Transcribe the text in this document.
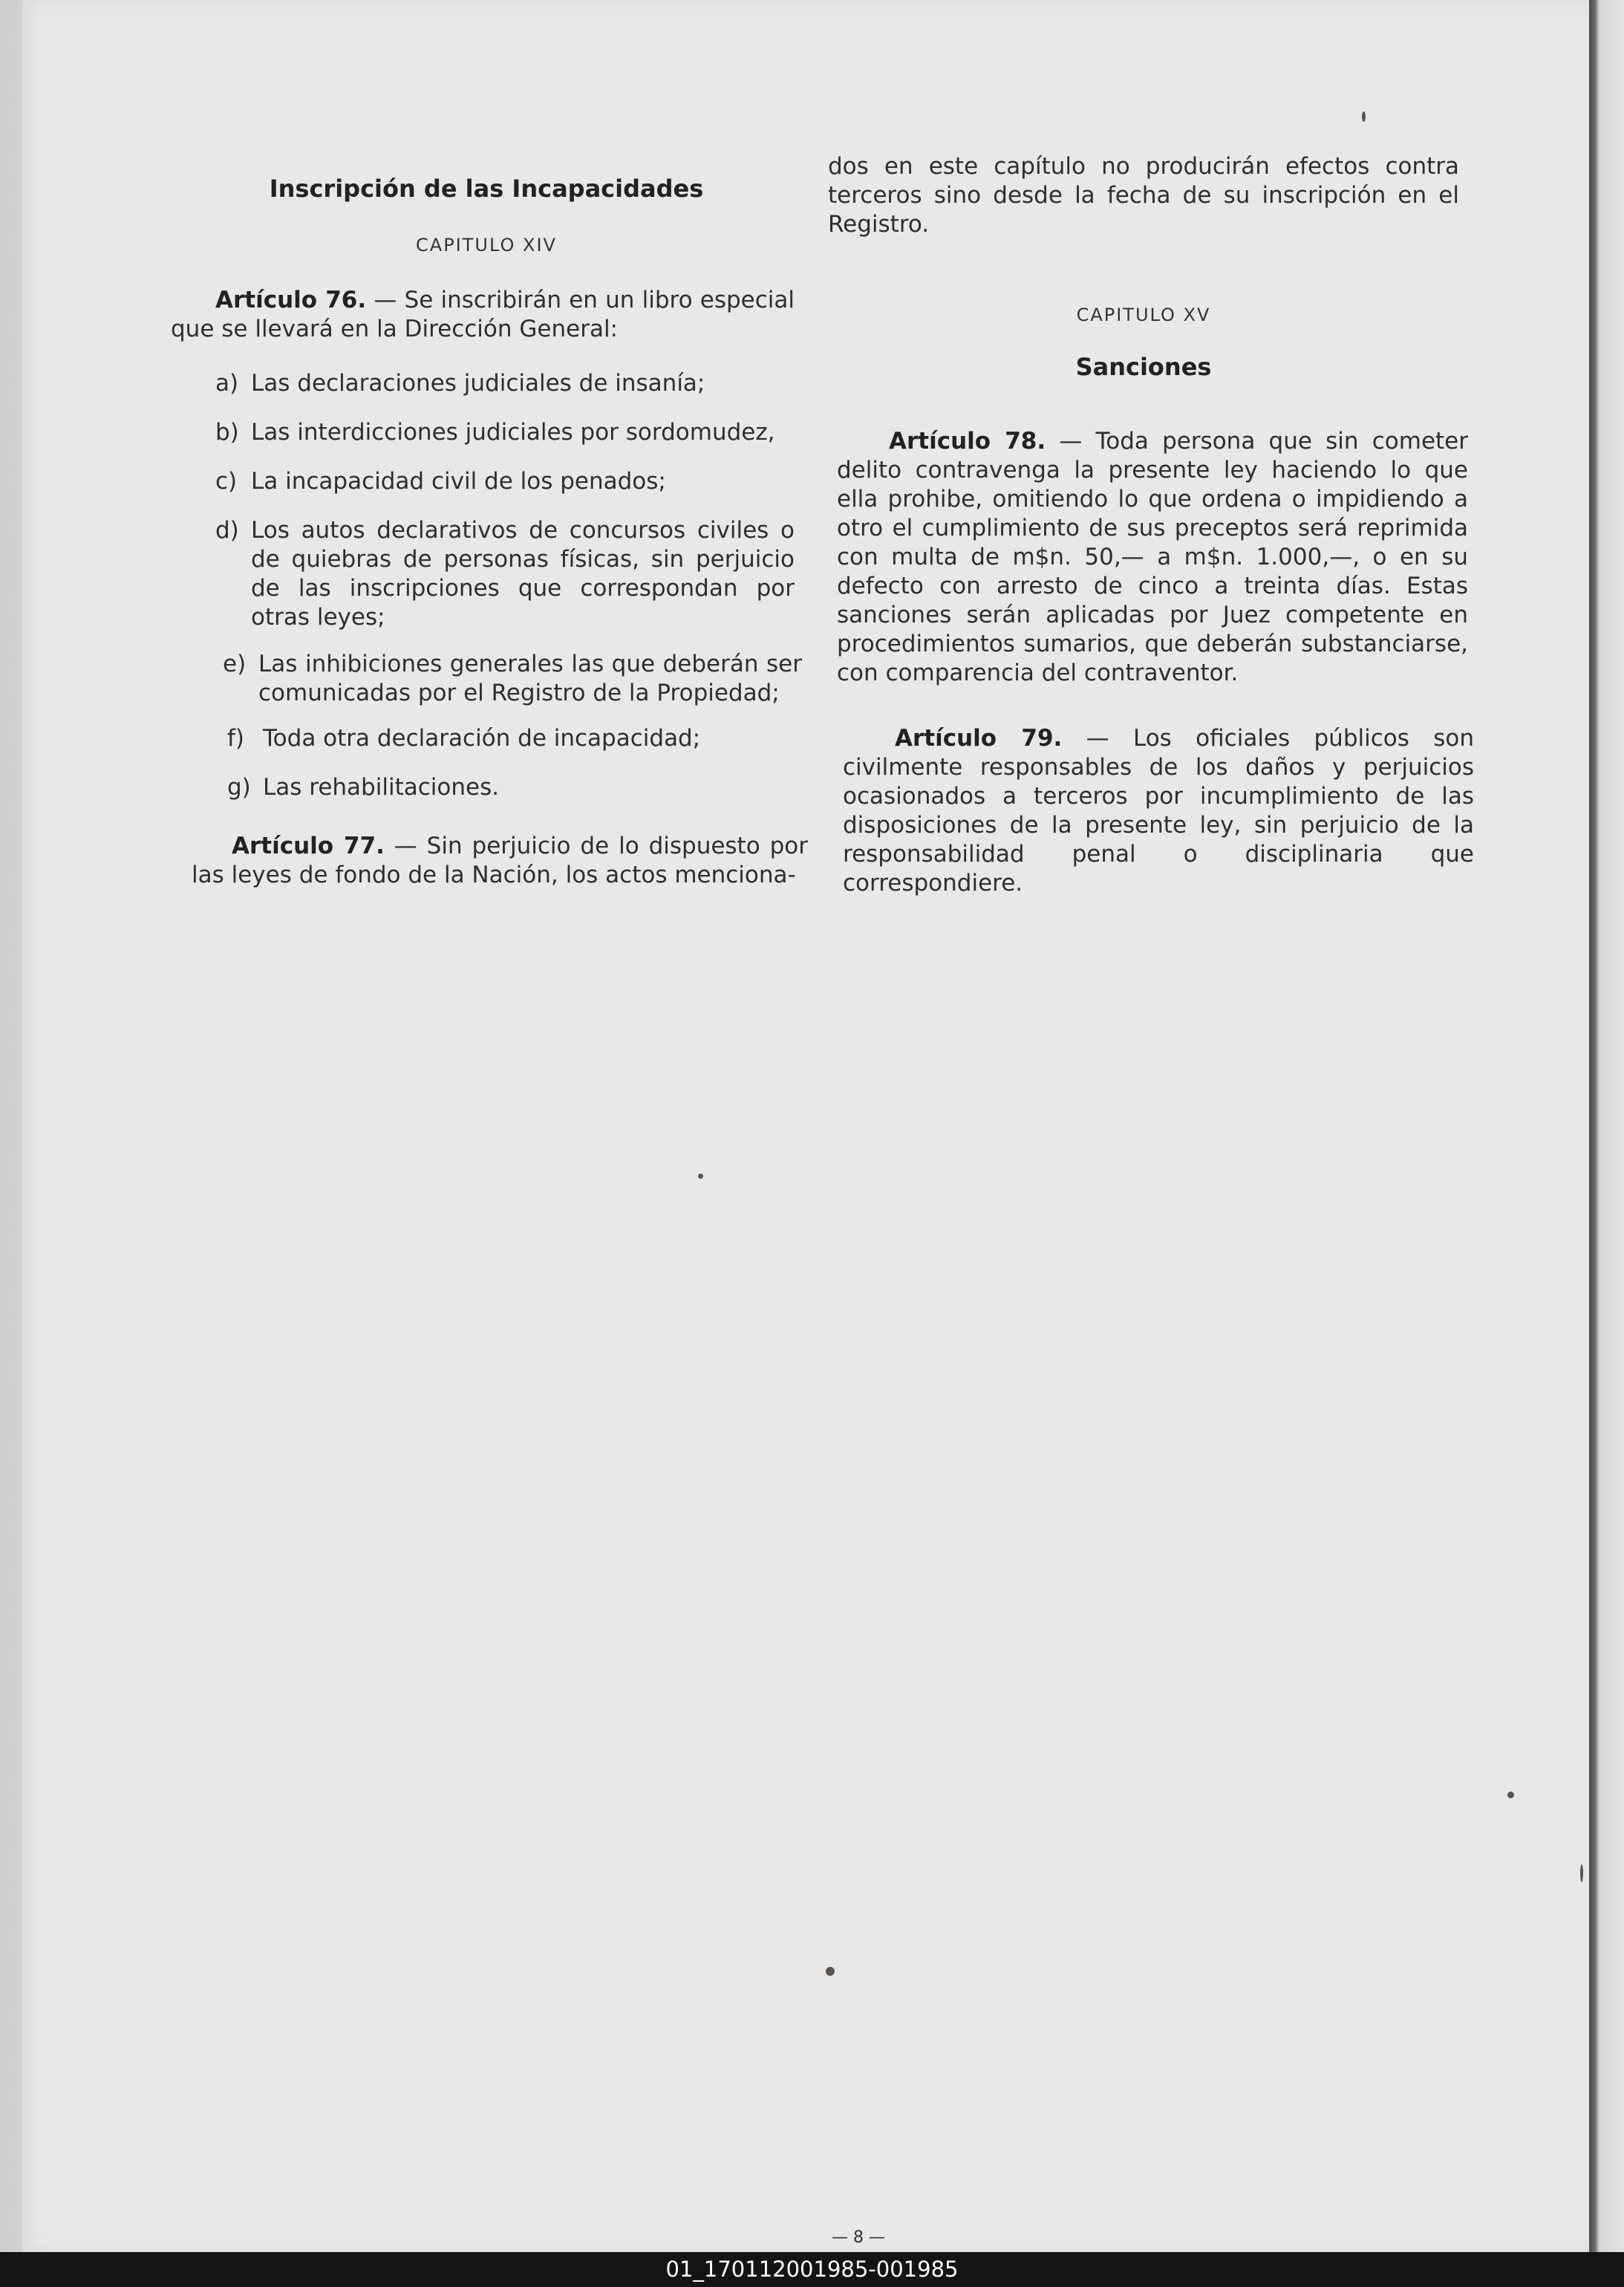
Inscripción de las Incapacidades

CAPITULO XIV

Artículo 76. — Se inscribirán en un libro especial que se llevará en la Dirección General:

a) Las declaraciones judiciales de insanía;
b) Las interdicciones judiciales por sordomudez,
c) La incapacidad civil de los penados;
d) Los autos declarativos de concursos civiles o de quiebras de personas físicas, sin perjuicio de las inscripciones que correspondan por otras leyes;
e) Las inhibiciones generales las que deberán ser comunicadas por el Registro de la Propiedad;
f) Toda otra declaración de incapacidad;
g) Las rehabilitaciones.

Artículo 77. — Sin perjuicio de lo dispuesto por las leyes de fondo de la Nación, los actos menciona-

dos en este capítulo no producirán efectos contra terceros sino desde la fecha de su inscripción en el Registro.

CAPITULO XV

Sanciones

Artículo 78. — Toda persona que sin cometer delito contravenga la presente ley haciendo lo que ella prohibe, omitiendo lo que ordena o impidiendo a otro el cumplimiento de sus preceptos será reprimida con multa de m$n. 50,— a m$n. 1.000,—, o en su defecto con arresto de cinco a treinta días. Estas sanciones serán aplicadas por Juez competente en procedimientos sumarios, que deberán substanciarse, con comparencia del contraventor.

Artículo 79. — Los oficiales públicos son civilmente responsables de los daños y perjuicios ocasionados a terceros por incumplimiento de las disposiciones de la presente ley, sin perjuicio de la responsabilidad penal o disciplinaria que correspondiere.

— 8 —
01_170112001985-001985
